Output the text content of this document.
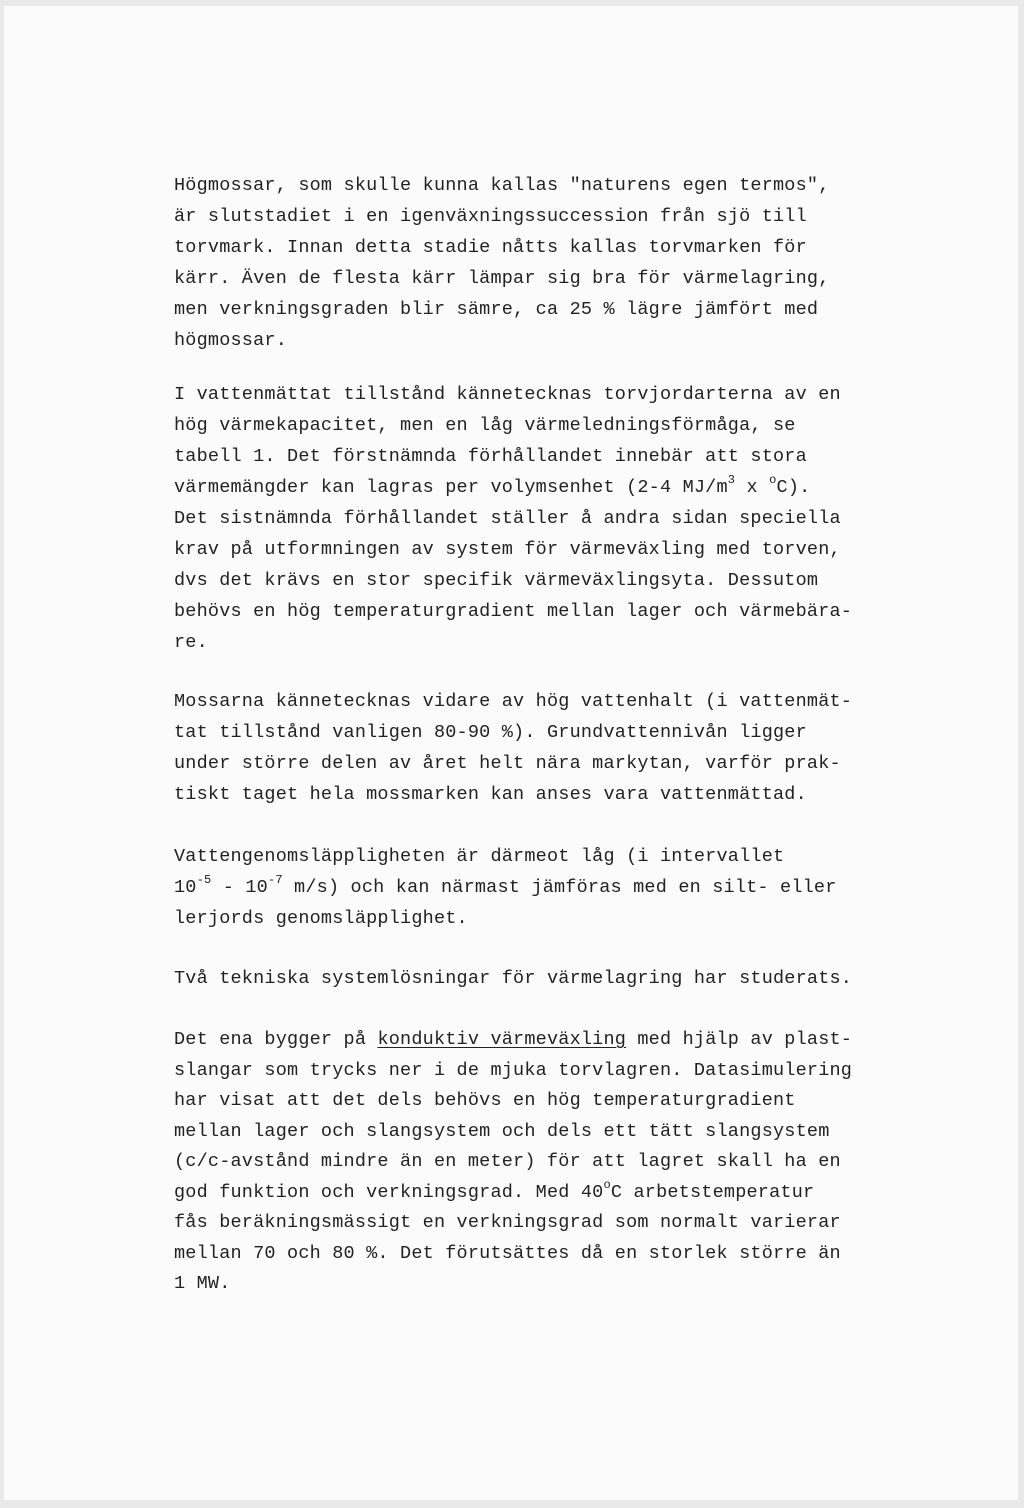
Högmossar, som skulle kunna kallas "naturens egen termos",
är slutstadiet i en igenväxningssuccession från sjö till
torvmark. Innan detta stadie nåtts kallas torvmarken för
kärr. Även de flesta kärr lämpar sig bra för värmelagring,
men verkningsgraden blir sämre, ca 25 % lägre jämfört med
högmossar.
I vattenmättat tillstånd kännetecknas torvjordarterna av en
hög värmekapacitet, men en låg värmeledningsförmåga, se
tabell 1. Det förstnämnda förhållandet innebär att stora
värmemängder kan lagras per volymsenhet (2-4 $MJ/m^3$ x $^o$C).
Det sistnämnda förhållandet ställer å andra sidan speciella
krav på utformningen av system för värmeväxling med torven,
dvs det krävs en stor specifik värmeväxlingsyta. Dessutom
behövs en hög temperaturgradient mellan lager och värmebära-
re.
Mossarna kännetecknas vidare av hög vattenhalt (i vattenmät-
tat tillstånd vanligen 80-90 %). Grundvattennivån ligger
under större delen av året helt nära markytan, varför prak-
tiskt taget hela mossmarken kan anses vara vattenmättad.
Vattengenomsläppligheten är därmeot låg (i intervallet
$10^{-5} - 10^{-7}$ m/s) och kan närmast jämföras med en silt- eller
lerjords genomsläpplighet.
Två tekniska systemlösningar för värmelagring har studerats.
Det ena bygger på konduktiv värmeväxling med hjälp av plast-
slangar som trycks ner i de mjuka torvlagren. Datasimulering
har visat att det dels behövs en hög temperaturgradient
mellan lager och slangsystem och dels ett tätt slangsystem
(c/c-avstånd mindre än en meter) för att lagret skall ha en
god funktion och verkningsgrad. Med 40$^o$C arbetstemperatur
fås beräkningsmässigt en verkningsgrad som normalt varierar
mellan 70 och 80 %. Det förutsättes då en storlek större än
1 MW.
